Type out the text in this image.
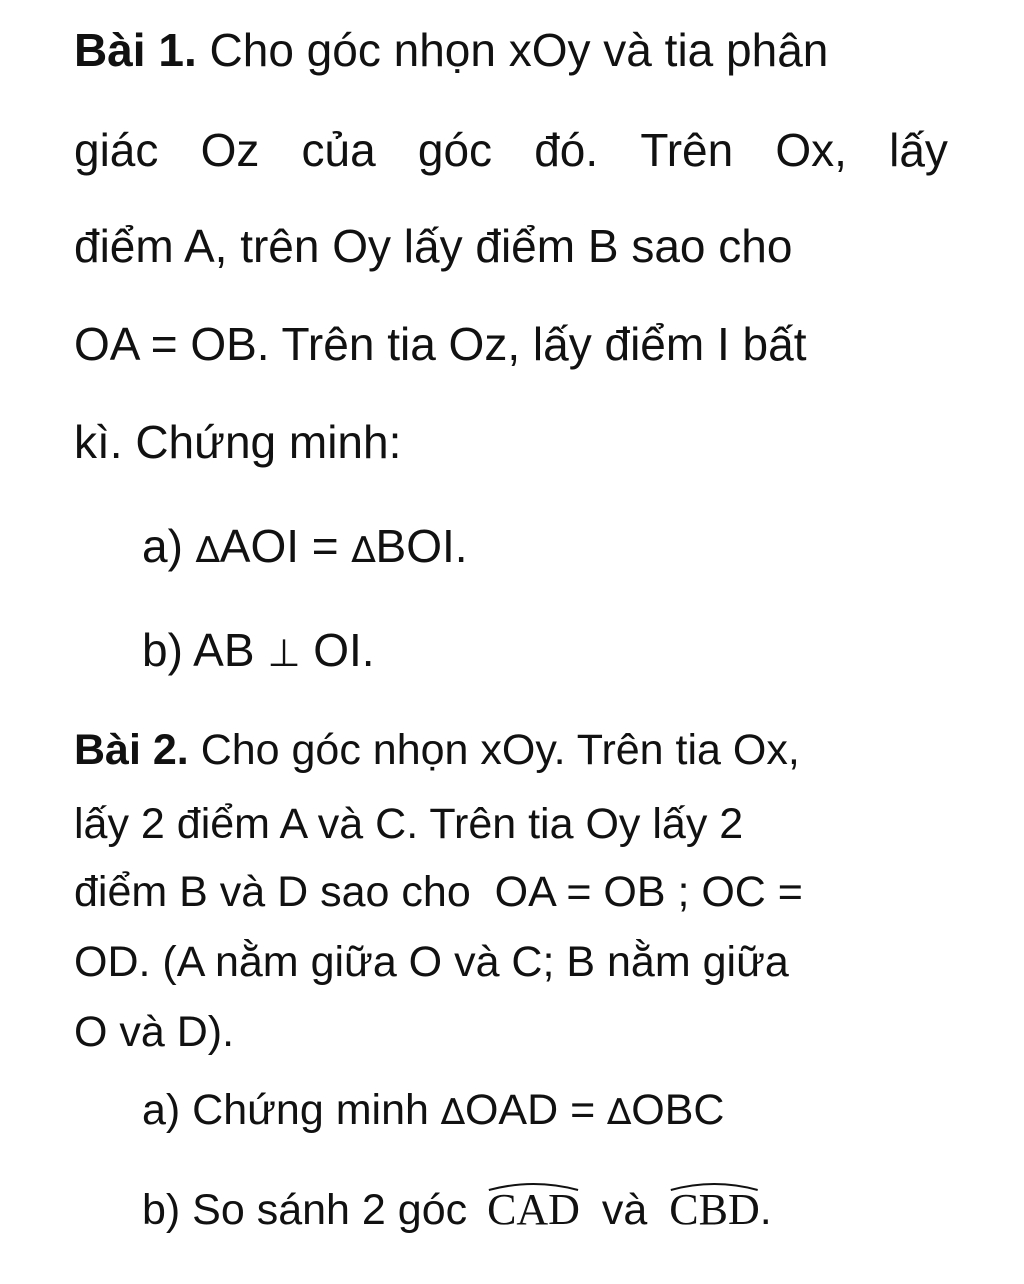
Bài 1. Cho góc nhọn xOy và tia phân
giác Oz của góc đó. Trên Ox, lấy
điểm A, trên Oy lấy điểm B sao cho
OA = OB. Trên tia Oz, lấy điểm I bất
kì. Chứng minh:
a) ∆AOI = ∆BOI.
b) AB ⊥ OI.
Bài 2. Cho góc nhọn xOy. Trên tia Ox,
lấy 2 điểm A và C. Trên tia Oy lấy 2
điểm B và D sao cho  OA = OB ; OC =
OD. (A nằm giữa O và C; B nằm giữa
O và D).
a) Chứng minh ∆OAD = ∆OBC
b) So sánh 2 góc CAD và CBD.
